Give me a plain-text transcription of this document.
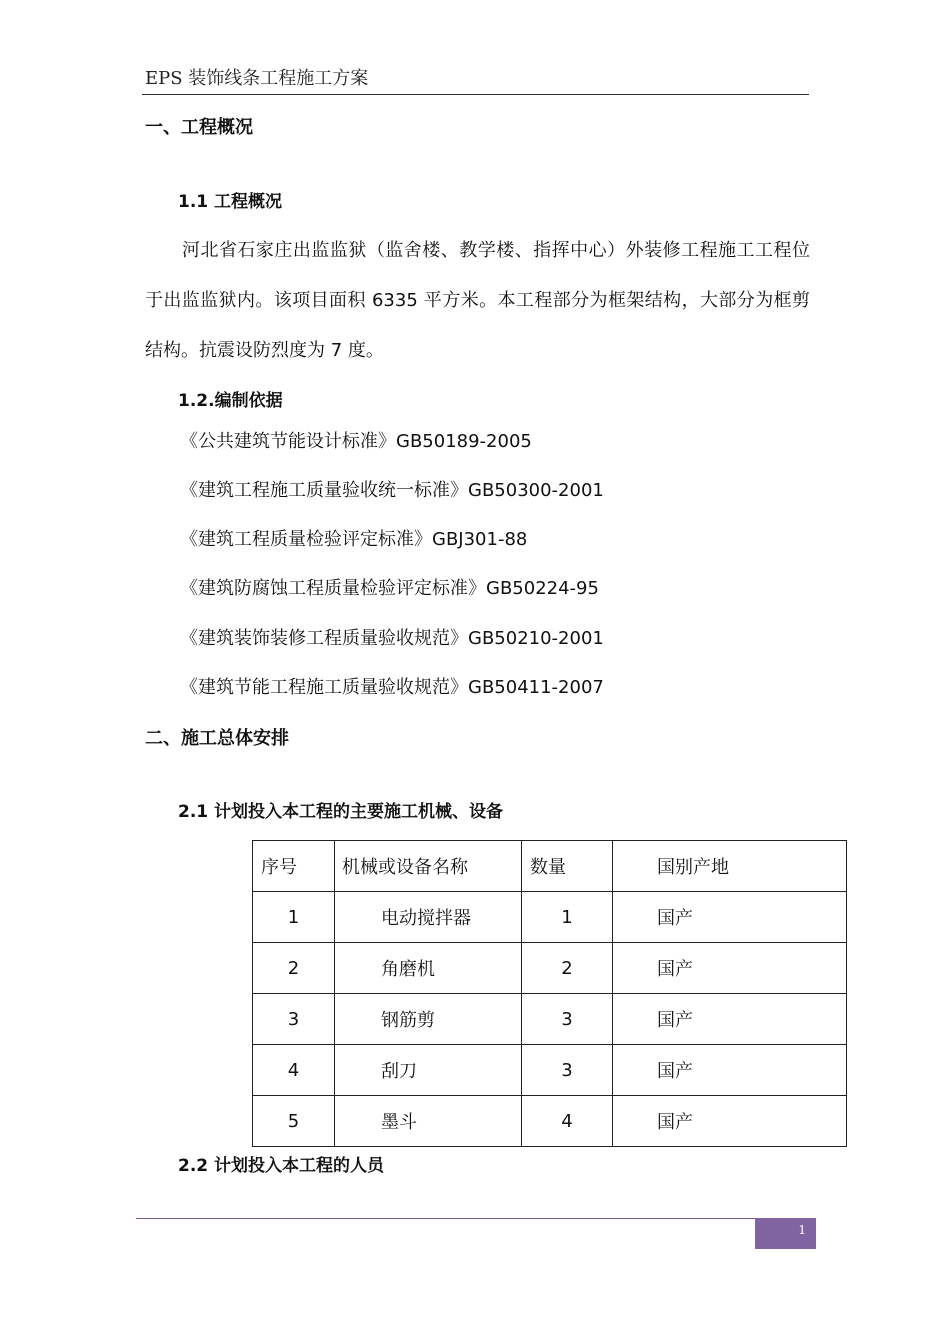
EPS 装饰线条工程施工方案
一、工程概况
1.1 工程概况
　　河北省石家庄出监监狱（监舍楼、教学楼、指挥中心）外装修工程施工工程位于出监监狱内。该项目面积 6335 平方米。本工程部分为框架结构，大部分为框剪结构。抗震设防烈度为 7 度。
1.2.编制依据
《公共建筑节能设计标准》GB50189-2005
《建筑工程施工质量验收统一标准》GB50300-2001
《建筑工程质量检验评定标准》GBJ301-88
《建筑防腐蚀工程质量检验评定标准》GB50224-95
《建筑装饰装修工程质量验收规范》GB50210-2001
《建筑节能工程施工质量验收规范》GB50411-2007
二、施工总体安排
2.1 计划投入本工程的主要施工机械、设备
序号	机械或设备名称	数量	国别产地
1	电动搅拌器	1	国产
2	角磨机	2	国产
3	钢筋剪	3	国产
4	刮刀	3	国产
5	墨斗	4	国产
2.2 计划投入本工程的人员
1
